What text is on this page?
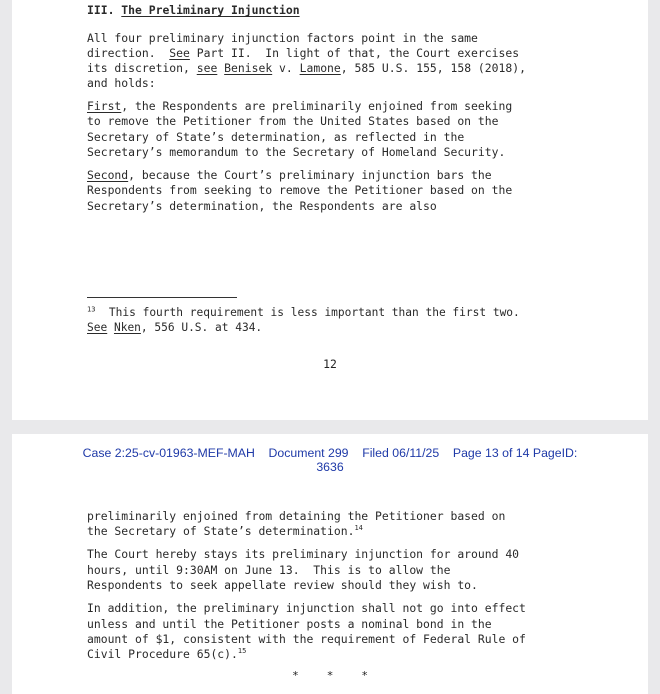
III. The Preliminary Injunction
All four preliminary injunction factors point in the same
direction.  See Part II.  In light of that, the Court exercises
its discretion, see Benisek v. Lamone, 585 U.S. 155, 158 (2018),
and holds:
First, the Respondents are preliminarily enjoined from seeking
to remove the Petitioner from the United States based on the
Secretary of State’s determination, as reflected in the
Secretary’s memorandum to the Secretary of Homeland Security.
Second, because the Court’s preliminary injunction bars the
Respondents from seeking to remove the Petitioner based on the
Secretary’s determination, the Respondents are also
$^{13}$  This fourth requirement is less important than the first two.
See Nken, 556 U.S. at 434.
12
Case 2:25-cv-01963-MEF-MAH    Document 299    Filed 06/11/25    Page 13 of 14 PageID:
3636
preliminarily enjoined from detaining the Petitioner based on
the Secretary of State’s determination.$^{14}$
The Court hereby stays its preliminary injunction for around 40
hours, until 9:30AM on June 13.  This is to allow the
Respondents to seek appellate review should they wish to.
In addition, the preliminary injunction shall not go into effect
unless and until the Petitioner posts a nominal bond in the
amount of $1, consistent with the requirement of Federal Rule of
Civil Procedure 65(c).$^{15}$
*	*	*
